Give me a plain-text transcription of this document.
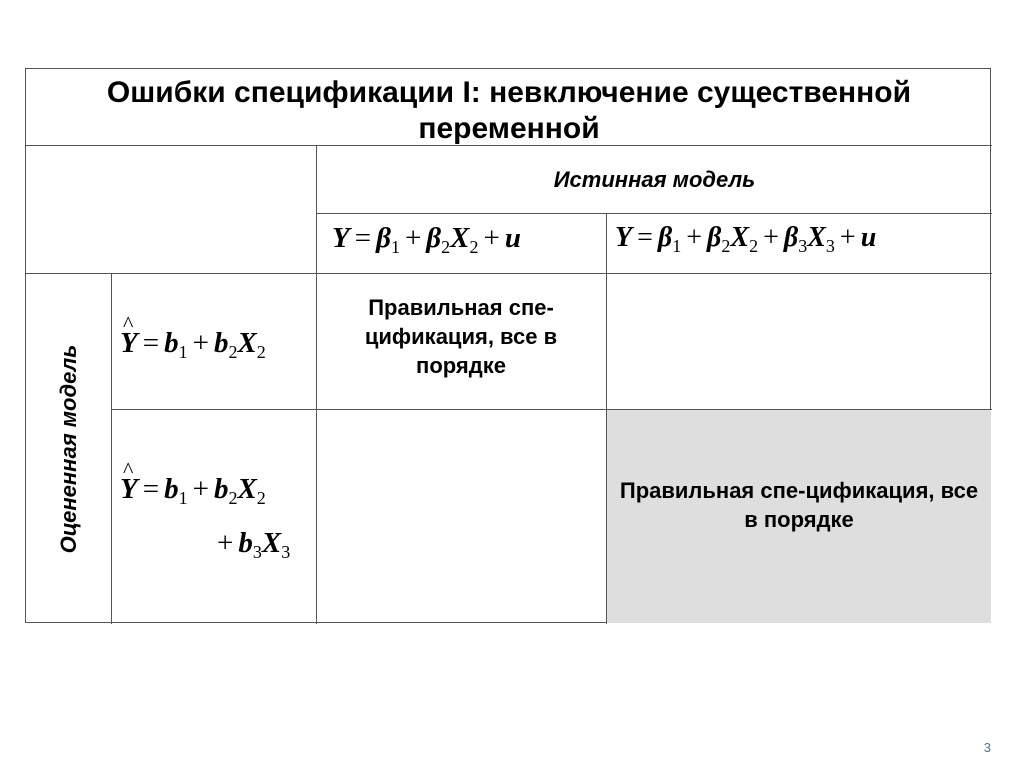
Ошибки спецификации I: невключение существенной переменной
Истинная модель
$Y = \beta_1 + \beta_2X_2 + u$	$Y = \beta_1 + \beta_2X_2 + \beta_3X_3 + u$
Оцененная модель
^ $Y = b_1 + b_2X_2$
^ $Y = b_1 + b_2X_2$
+ $b_3X_3$
Правильная спе-цификация, все в порядке
Правильная спе-цификация, все в порядке
3
